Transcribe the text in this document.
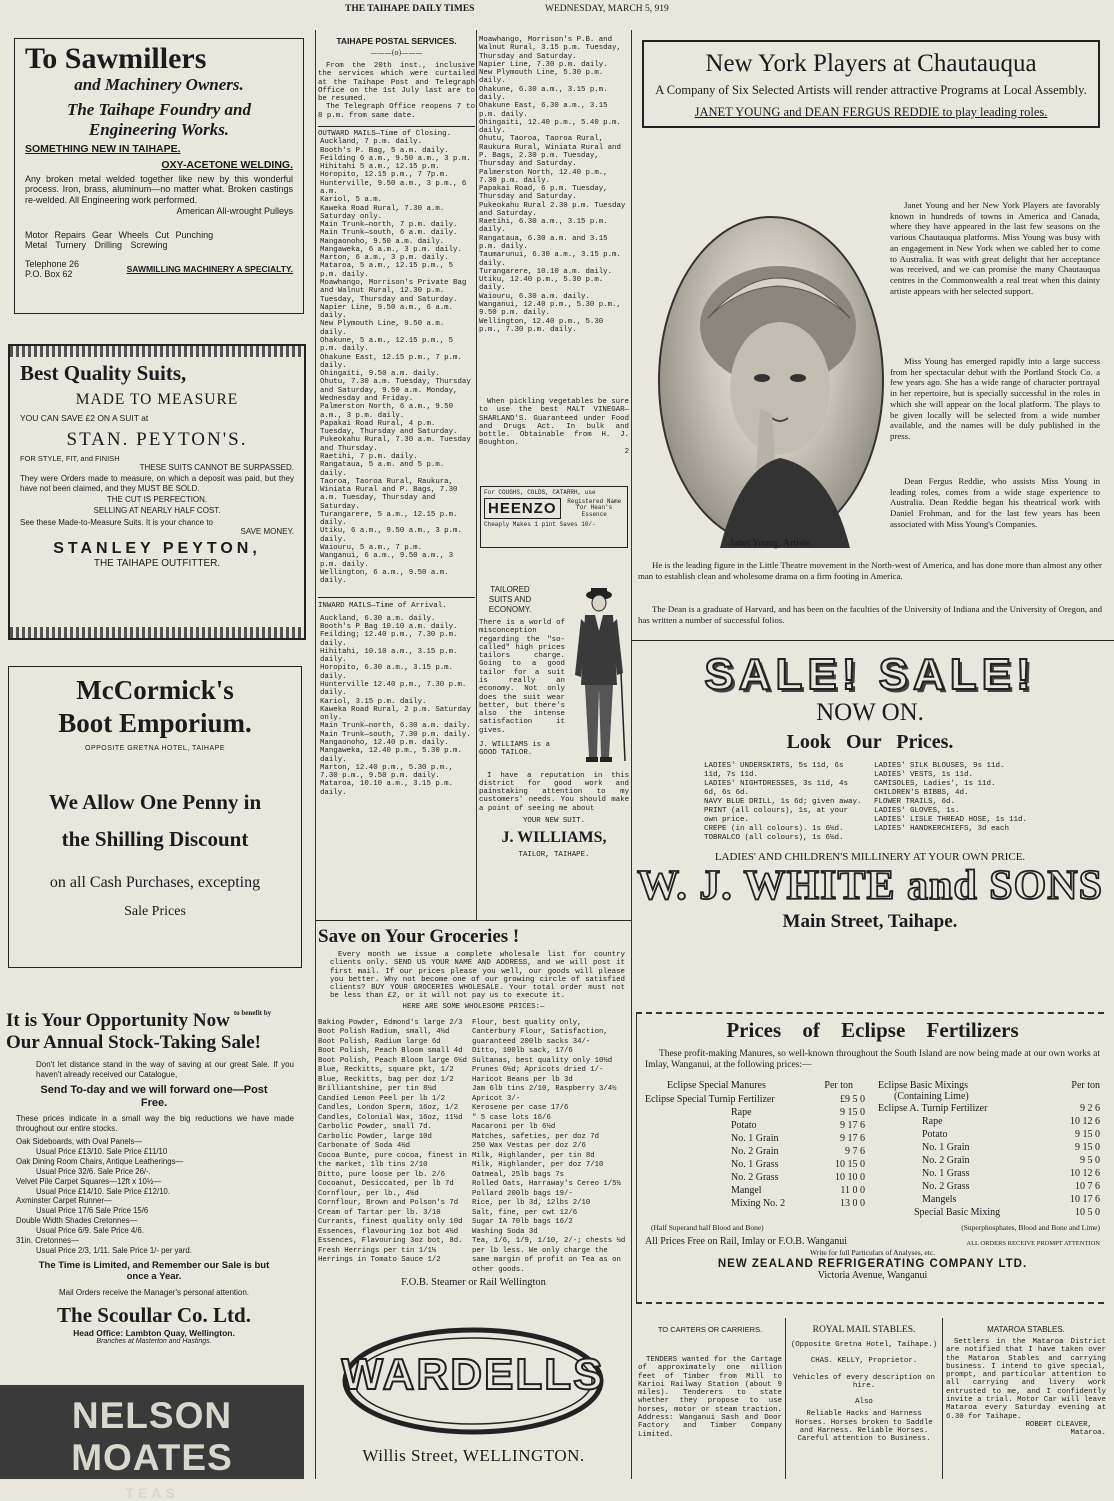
THE TAIHAPE DAILY TIMES	WEDNESDAY, MARCH 5, 919
To Sawmillers
and Machinery Owners.
The Taihape Foundry and
Engineering Works.
SOMETHING NEW IN TAIHAPE.
OXY-ACETONE WELDING.
Any broken metal welded together like new by this wonderful process. Iron, brass, aluminum—no matter what. Broken castings re-welded. All Engineering work performed.
American All-wrought Pulleys
Motor Repairs Gear Wheels Cut Punching
Metal Turnery Drilling Screwing
Telephone 26
P.O. Box 62	SAWMILLING MACHINERY A SPECIALTY.
Best Quality Suits,
MADE TO MEASURE
YOU CAN SAVE £2 ON A SUIT at
STAN. PEYTON'S.
FOR STYLE, FIT, and FINISH
THESE SUITS CANNOT BE SURPASSED.
They were Orders made to measure, on which a deposit was paid, but they have not been claimed, and they MUST BE SOLD.
THE CUT IS PERFECTION.
SELLING AT NEARLY HALF COST.
See these Made-to-Measure Suits. It is your chance to
SAVE MONEY.
STANLEY PEYTON,
THE TAIHAPE OUTFITTER.
McCormick's
Boot Emporium.
OPPOSITE GRETNA HOTEL, TAIHAPE
We Allow One Penny in
the Shilling Discount
on all Cash Purchases, excepting
Sale Prices
It is Your Opportunity Now to benefit by
Our Annual Stock-Taking Sale!
Don't let distance stand in the way of saving at our great Sale. If you haven't already received our Catalogue,
Send To-day and we will forward one—Post Free.
These prices indicate in a small way the big reductions we have made throughout our entire stocks.
Oak Sideboards, with Oval Panels—
Usual Price £13/10. Sale Price £11/10
Oak Dining Room Chairs, Antique Leatherings—
Usual Price 32/6. Sale Price 26/-.
Velvet Pile Carpet Squares—12ft x 10½—
Usual Price £14/10. Sale Price £12/10.
Axminster Carpet Runner—
Usual Price 17/6 Sale Price 15/6
Double Width Shades Cretonnes—
Usual Price 6/9. Sale Price 4/6.
31in. Cretonnes—
Usual Price 2/3, 1/11. Sale Price 1/- per yard.
The Time is Limited, and Remember our Sale is but once a Year.
Mail Orders receive the Manager's personal attention.
The Scoullar Co. Ltd.
Head Office: Lambton Quay, Wellington.
Branches at Masterton and Hastings.
NELSON MOATES
TEAS
TAIHAPE POSTAL SERVICES.
———(o)———
From the 20th inst., inclusive the services which were curtailed at the Taihape Post and Telegraph Office on the 1st July last are to be resumed.
The Telegraph Office reopens 7 to 8 p.m. from same date.
OUTWARD MAILS—Time of Closing.
Auckland, 7 p.m. daily.
Booth's P. Bag, 5 a.m. daily.
Feilding 6 a.m., 9.50 a.m., 3 p.m.
Hihitahi 5 a.m., 12.15 p.m.
Horopito, 12.15 p.m., 7 7p.m.
Hunterville, 9.50 a.m., 3 p.m., 6 a.m.
Kariol, 5 a.m.
Kaweka Road Rural, 7.30 a.m. Saturday only.
Main Trunk—north, 7 p.m. daily.
Main Trunk—south, 6 a.m. daily.
Mangaonoho, 9.50 a.m. daily.
Mangaweka, 6 a.m., 3 p.m. daily.
Marton, 6 a.m., 3 p.m. daily.
Mataroa, 5 a.m., 12.15 p.m., 5 p.m. daily.
Moawhango, Morrison's Private Bag and Walnut Rural, 12.30 p.m. Tuesday, Thursday and Saturday.
Napier Line, 9.50 a.m., 6 a.m. daily.
New Plymouth Line, 9.50 a.m. daily.
Ohakune, 5 a.m., 12.15 p.m., 5 p.m. daily.
Ohakune East, 12.15 p.m., 7 p.m. daily.
Ohingaiti, 9.50 a.m. daily.
Ohutu, 7.30 a.m. Tuesday, Thursday and Saturday, 9.50 a.m. Monday, Wednesday and Friday.
Palmerston North, 6 a.m., 9.50 a.m., 3 p.m. daily.
Papakai Road Rural, 4 p.m. Tuesday, Thursday and Saturday.
Pukeokahu Rural, 7.30 a.m. Tuesday and Thursday.
Raetihi, 7 p.m. daily.
Rangataua, 5 a.m. and 5 p.m. daily.
Taoroa, Taoroa Rural, Raukura, Winiata Rural and P. Bags, 7.30 a.m. Tuesday, Thursday and Saturday.
Turangarere, 5 a.m., 12.15 p.m. daily.
Utiku, 6 a.m., 9.50 a.m., 3 p.m. daily.
Waiouru, 5 a.m., 7 p.m.
Wanganui, 6 a.m., 9.50 a.m., 3 p.m. daily.
Wellington, 6 a.m., 9.50 a.m. daily.
INWARD MAILS—Time of Arrival.
Auckland, 6.30 a.m. daily.
Booth's P Bag 10.10 a.m. daily.
Feilding; 12.40 p.m., 7.30 p.m. daily.
Hihitahi, 10.10 a.m., 3.15 p.m. daily.
Horopito, 6.30 a.m., 3.15 p.m. daily.
Hunterville 12.40 p.m., 7.30 p.m. daily.
Kariol, 3.15 p.m. daily.
Kaweka Road Rural, 2 p.m. Saturday only.
Main Trunk—north, 6.30 a.m. daily.
Main Trunk—south, 7.30 p.m. daily.
Mangaonoho, 12.40 p.m. daily.
Mangaweka, 12.40 p.m., 5.30 p.m. daily.
Marton, 12.40 p.m., 5.30 p.m., 7.30 p.m., 9.50 p.m. daily.
Mataroa, 10.10 a.m., 3.15 p.m. daily.
Moawhango, Morrison's P.B. and Walnut Rural, 3.15 p.m. Tuesday, Thursday and Saturday.
Napier Line, 7.30 p.m. daily.
New Plymouth Line, 5.30 p.m. daily.
Ohakune, 6.30 a.m., 3.15 p.m. daily.
Ohakune East, 6.30 a.m., 3.15 p.m. daily.
Ohingaiti, 12.40 p.m., 5.40 p.m. daily.
Ohutu, Taoroa, Taoroa Rural, Raukura Rural, Winiata Rural and P. Bags, 2.30 p.m. Tuesday, Thursday and Saturday.
Palmerston North, 12.40 p.m., 7.30 p.m. daily.
Papakai Road, 6 p.m. Tuesday, Thursday and Saturday.
Pukeokahu Rural 2.30 p.m. Tuesday and Saturday.
Raetihi, 6.30 a.m., 3.15 p.m. daily.
Rangataua, 6.30 a.m. and 3.15 p.m. daily.
Taumarunui, 6.30 a.m., 3.15 p.m. daily.
Turangarere, 10.10 a.m. daily.
Utiku, 12.40 p.m., 5.30 p.m. daily.
Waiouru, 6.30 a.m. daily.
Wanganui, 12.40 p.m., 5.30 p.m., 9.50 p.m. daily.
Wellington, 12.40 p.m., 5.30 p.m., 7.30 p.m. daily.
When pickling vegetables be sure to use the best MALT VINEGAR—SHARLAND'S. Guaranteed under Food and Drugs Act. In bulk and bottle. Obtainable from H. J. Boughton.
2
For COUGHS, COLDS, CATARRH, use
HEENZO	Registered Name for Hean's Essence
Cheaply Makes 1 pint Saves 10/-
TAILORED SUITS AND ECONOMY.
There is a world of misconception regarding the "so-called" high prices tailors charge. Going to a good tailor for a suit is really an economy. Not only does the suit wear better, but there's also the intense satisfaction it gives.
J. WILLIAMS is a GOOD TAILOR.
I have a reputation in this district for good work and painstaking attention to my customers' needs. You should make a point of seeing me about
YOUR NEW SUIT.
J. WILLIAMS,
TAILOR, TAIHAPE.
Save on Your Groceries !
Every month we issue a complete wholesale list for country clients only. SEND US YOUR NAME AND ADDRESS, and we will post it first mail. If our prices please you well, our goods will please you better. Why not become one of our growing circle of satisfied clients? BUY YOUR GROCERIES WHOLESALE. Your total order must not be less than £2, or it will not pay us to execute it.
HERE ARE SOME WHOLESOME PRICES:—
Baking Powder, Edmond's large 2/3
Boot Polish Radium, small, 4½d
Boot Polish, Radium large 6d
Boot Polish, Peach Bloom small 4d
Boot Polish, Peach Bloom large 6½d
Blue, Reckitts, square pkt, 1/2
Blue, Reckitts, bag per doz 1/2
Brilliantshine, per tin 8½d
Candied Lemon Peel per lb 1/2
Candles, London Sperm, 16oz, 1/2
Candles, Colonial Wax, 16oz, 11½d
Carbolic Powder, small 7d.
Carbolic Powder, large 10d
Carbonate of Soda 4½d
Cocoa Bunte, pure cocoa, finest in the market, 1lb tins 2/10
Ditto, pure loose per lb. 2/6
Cocoanut, Desiccated, per lb 7d
Cornflour, per lb., 4½d
Cornflour, Brown and Polson's 7d
Cream of Tartar per lb. 3/10
Currants, finest quality only 10d
Essences, flavouring 1oz bot 4½d
Essences, Flavouring 3oz bot, 8d.
Fresh Herrings per tin 1/1½
Herrings in Tomato Sauce 1/2
Flour, best quality only,
Canterbury Flour, Satisfaction, guaranteed 200lb sacks 34/-
Ditto, 100lb sack, 17/6
Sultanas, best quality only 10½d
Prunes 6½d; Apricots dried 1/-
Haricot Beans per lb 3d
Jam 6lb tins 2/10, Raspberry 3/4½
Apricot 3/-
Kerosene per case 17/6
" 5 case lots 16/6
Macaroni per lb 6½d
Matches, safeties, per doz 7d
250 Wax Vestas per doz 2/6
Milk, Highlander, per tin 8d
Milk, Highlander, per doz 7/10
Oatmeal, 25lb bags 7s
Rolled Oats, Harraway's Cereo 1/5½
Pollard 200lb bags 19/-
Rice, per lb 3d, 12lbs 2/10
Salt, fine, per cwt 12/6
Sugar IA 70lb bags 16/2
Washing Soda 3d
Tea, 1/6, 1/9, 1/10, 2/-; chests ½d per lb less. We only charge the same margin of profit on Tea as on other goods.
F.O.B. Steamer or Rail Wellington
WARDELLS
Willis Street, WELLINGTON.
New York Players at Chautauqua
A Company of Six Selected Artists will render attractive Programs at Local Assembly.
JANET YOUNG and DEAN FERGUS REDDIE to play leading roles.
Janet Young, Artiste.
Janet Young and her New York Players are favorably known in hundreds of towns in America and Canada, where they have appeared in the last few seasons on the various Chautauqua platforms. Miss Young was busy with an engagement in New York when we cabled her to come to Australia. It was with great delight that her acceptance was received, and we can promise the many Chautauqua centres in the Commonwealth a real treat when this dainty artiste appears with her selected support.
Miss Young has emerged rapidly into a large success from her spectacular debut with the Portland Stock Co. a few years ago. She has a wide range of character portrayal in her repertoire, but is specially successful in the roles in which she will appear on the local platform. The plays to be given locally will be selected from a wide number available, and the names will be duly published in the press.
Dean Fergus Reddie, who assists Miss Young in leading roles, comes from a wide stage experience to Australia. Dean Reddie began his theatrical work with Daniel Frohman, and for the last few years has been associated with Miss Young's Companies.
He is the leading figure in the Little Theatre movement in the North-west of America, and has done more than almost any other man to establish clean and wholesome drama on a firm footing in America.
The Dean is a graduate of Harvard, and has been on the faculties of the University of Indiana and the University of Oregon, and has written a number of successful folios.
SALE! SALE!
NOW ON.
Look Our Prices.
LADIES' UNDERSKIRTS, 5s 11d, 6s 11d, 7s 11d.
LADIES' NIGHTDRESSES, 3s 11d, 4s 6d, 6s 6d.
NAVY BLUE DRILL, 1s 6d; given away.
PRINT (all colours), 1s, at your own price.
CREPE (in all colours). 1s 6½d.
TOBRALCO (all colours), 1s 6½d.
LADIES' SILK BLOUSES, 9s 11d.
LADIES' VESTS, 1s 11d.
CAMISOLES, Ladies', 1s 11d.
CHILDREN'S BIBBS, 4d.
FLOWER TRAILS, 6d.
LADIES' GLOVES, 1s.
LADIES' LISLE THREAD HOSE, 1s 11d.
LADIES' HANDKERCHIEFS, 3d each
LADIES' AND CHILDREN'S MILLINERY AT YOUR OWN PRICE.
W. J. WHITE and SONS
Main Street, Taihape.
Prices of Eclipse Fertilizers
These profit-making Manures, so well-known throughout the South Island are now being made at our own works at Imlay, Wanganui, at the following prices:—
Eclipse Special Manures	Per ton
Eclipse Special Turnip Fertilizer	£9 5 0
Rape	9 15 0
Potato	9 17 6
No. 1 Grain	9 17 6
No. 2 Grain	9 7 6
No. 1 Grass	10 15 0
No. 2 Grass	10 10 0
Mangel	11 0 0
Mixing No. 2	13 0 0
Eclipse Basic Mixings	Per ton
(Containing Lime)
Eclipse A. Turnip Fertilizer	9 2 6
Rape	10 12 6
Potato	9 15 0
No. 1 Grain	9 15 0
No. 2 Grain	9 5 0
No. 1 Grass	10 12 6
No. 2 Grass	10 7 6
Mangels	10 17 6
Special Basic Mixing	10 5 0
(Half Superand half Blood and Bone)	(Superphosphates, Blood and Bone and Lime)
All Prices Free on Rail, Imlay or F.O.B. Wanganui	ALL ORDERS RECEIVE PROMPT ATTENTION
Write for full Particulars of Analyses, etc.
NEW ZEALAND REFRIGERATING COMPANY LTD.
Victoria Avenue, Wanganui
TO CARTERS OR CARRIERS.
TENDERS wanted for the Cartage of approximately one million feet of Timber from Mill to Karioi Railway Station (about 9 miles). Tenderers to state whether they propose to use horses, motor or steam traction. Address: Wanganui Sash and Door Factory and Timber Company Limited.
ROYAL MAIL STABLES.
(Opposite Gretna Hotel, Taihape.)
CHAS. KELLY, Proprietor.
Vehicles of every description on hire.
Also
Reliable Hacks and Harness Horses. Horses broken to Saddle and Harness. Reliable Horses. Careful attention to Business.
MATAROA STABLES.
Settlers in the Mataroa District are notified that I have taken over the Mataroa Stables and carrying business. I intend to give special, prompt, and particular attention to all carrying and livery work entrusted to me, and I confidently invite a trial. Motor Car will leave Mataroa every Saturday evening at 6.30 for Taihape.
ROBERT CLEAVER,
Mataroa.
